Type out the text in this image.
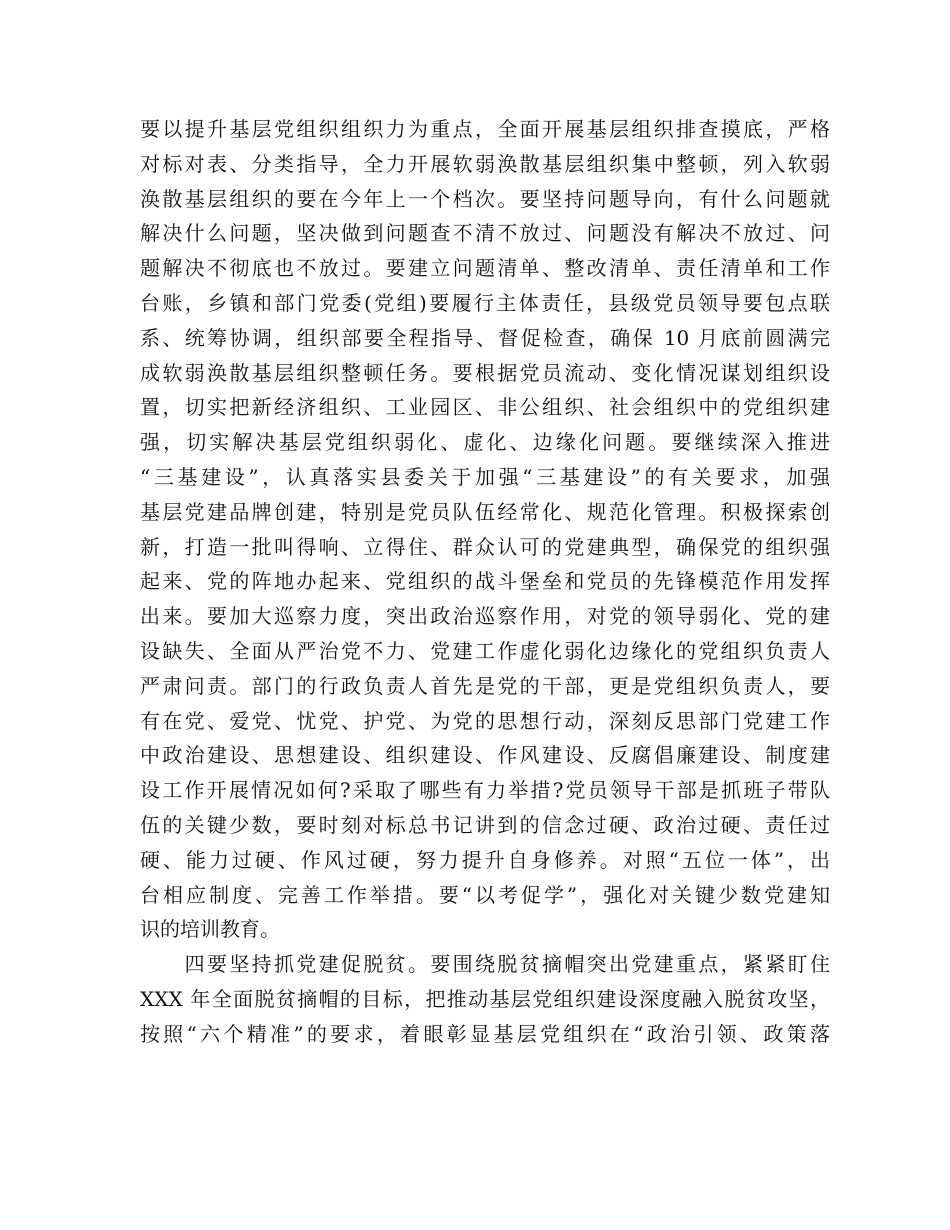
要以提升基层党组织组织力为重点，全面开展基层组织排查摸底，严格
对标对表、分类指导，全力开展软弱涣散基层组织集中整顿，列入软弱
涣散基层组织的要在今年上一个档次。要坚持问题导向，有什么问题就
解决什么问题，坚决做到问题查不清不放过、问题没有解决不放过、问
题解决不彻底也不放过。要建立问题清单、整改清单、责任清单和工作
台账，乡镇和部门党委(党组)要履行主体责任，县级党员领导要包点联
系、统筹协调，组织部要全程指导、督促检查，确保 10 月底前圆满完
成软弱涣散基层组织整顿任务。要根据党员流动、变化情况谋划组织设
置，切实把新经济组织、工业园区、非公组织、社会组织中的党组织建
强，切实解决基层党组织弱化、虚化、边缘化问题。要继续深入推进
“三基建设”，认真落实县委关于加强“三基建设”的有关要求，加强
基层党建品牌创建，特别是党员队伍经常化、规范化管理。积极探索创
新，打造一批叫得响、立得住、群众认可的党建典型，确保党的组织强
起来、党的阵地办起来、党组织的战斗堡垒和党员的先锋模范作用发挥
出来。要加大巡察力度，突出政治巡察作用，对党的领导弱化、党的建
设缺失、全面从严治党不力、党建工作虚化弱化边缘化的党组织负责人
严肃问责。部门的行政负责人首先是党的干部，更是党组织负责人，要
有在党、爱党、忧党、护党、为党的思想行动，深刻反思部门党建工作
中政治建设、思想建设、组织建设、作风建设、反腐倡廉建设、制度建
设工作开展情况如何?采取了哪些有力举措?党员领导干部是抓班子带队
伍的关键少数，要时刻对标总书记讲到的信念过硬、政治过硬、责任过
硬、能力过硬、作风过硬，努力提升自身修养。对照“五位一体”，出
台相应制度、完善工作举措。要“以考促学”，强化对关键少数党建知
识的培训教育。
　　四要坚持抓党建促脱贫。要围绕脱贫摘帽突出党建重点，紧紧盯住
XXX 年全面脱贫摘帽的目标，把推动基层党组织建设深度融入脱贫攻坚，
按照“六个精准”的要求，着眼彰显基层党组织在“政治引领、政策落
